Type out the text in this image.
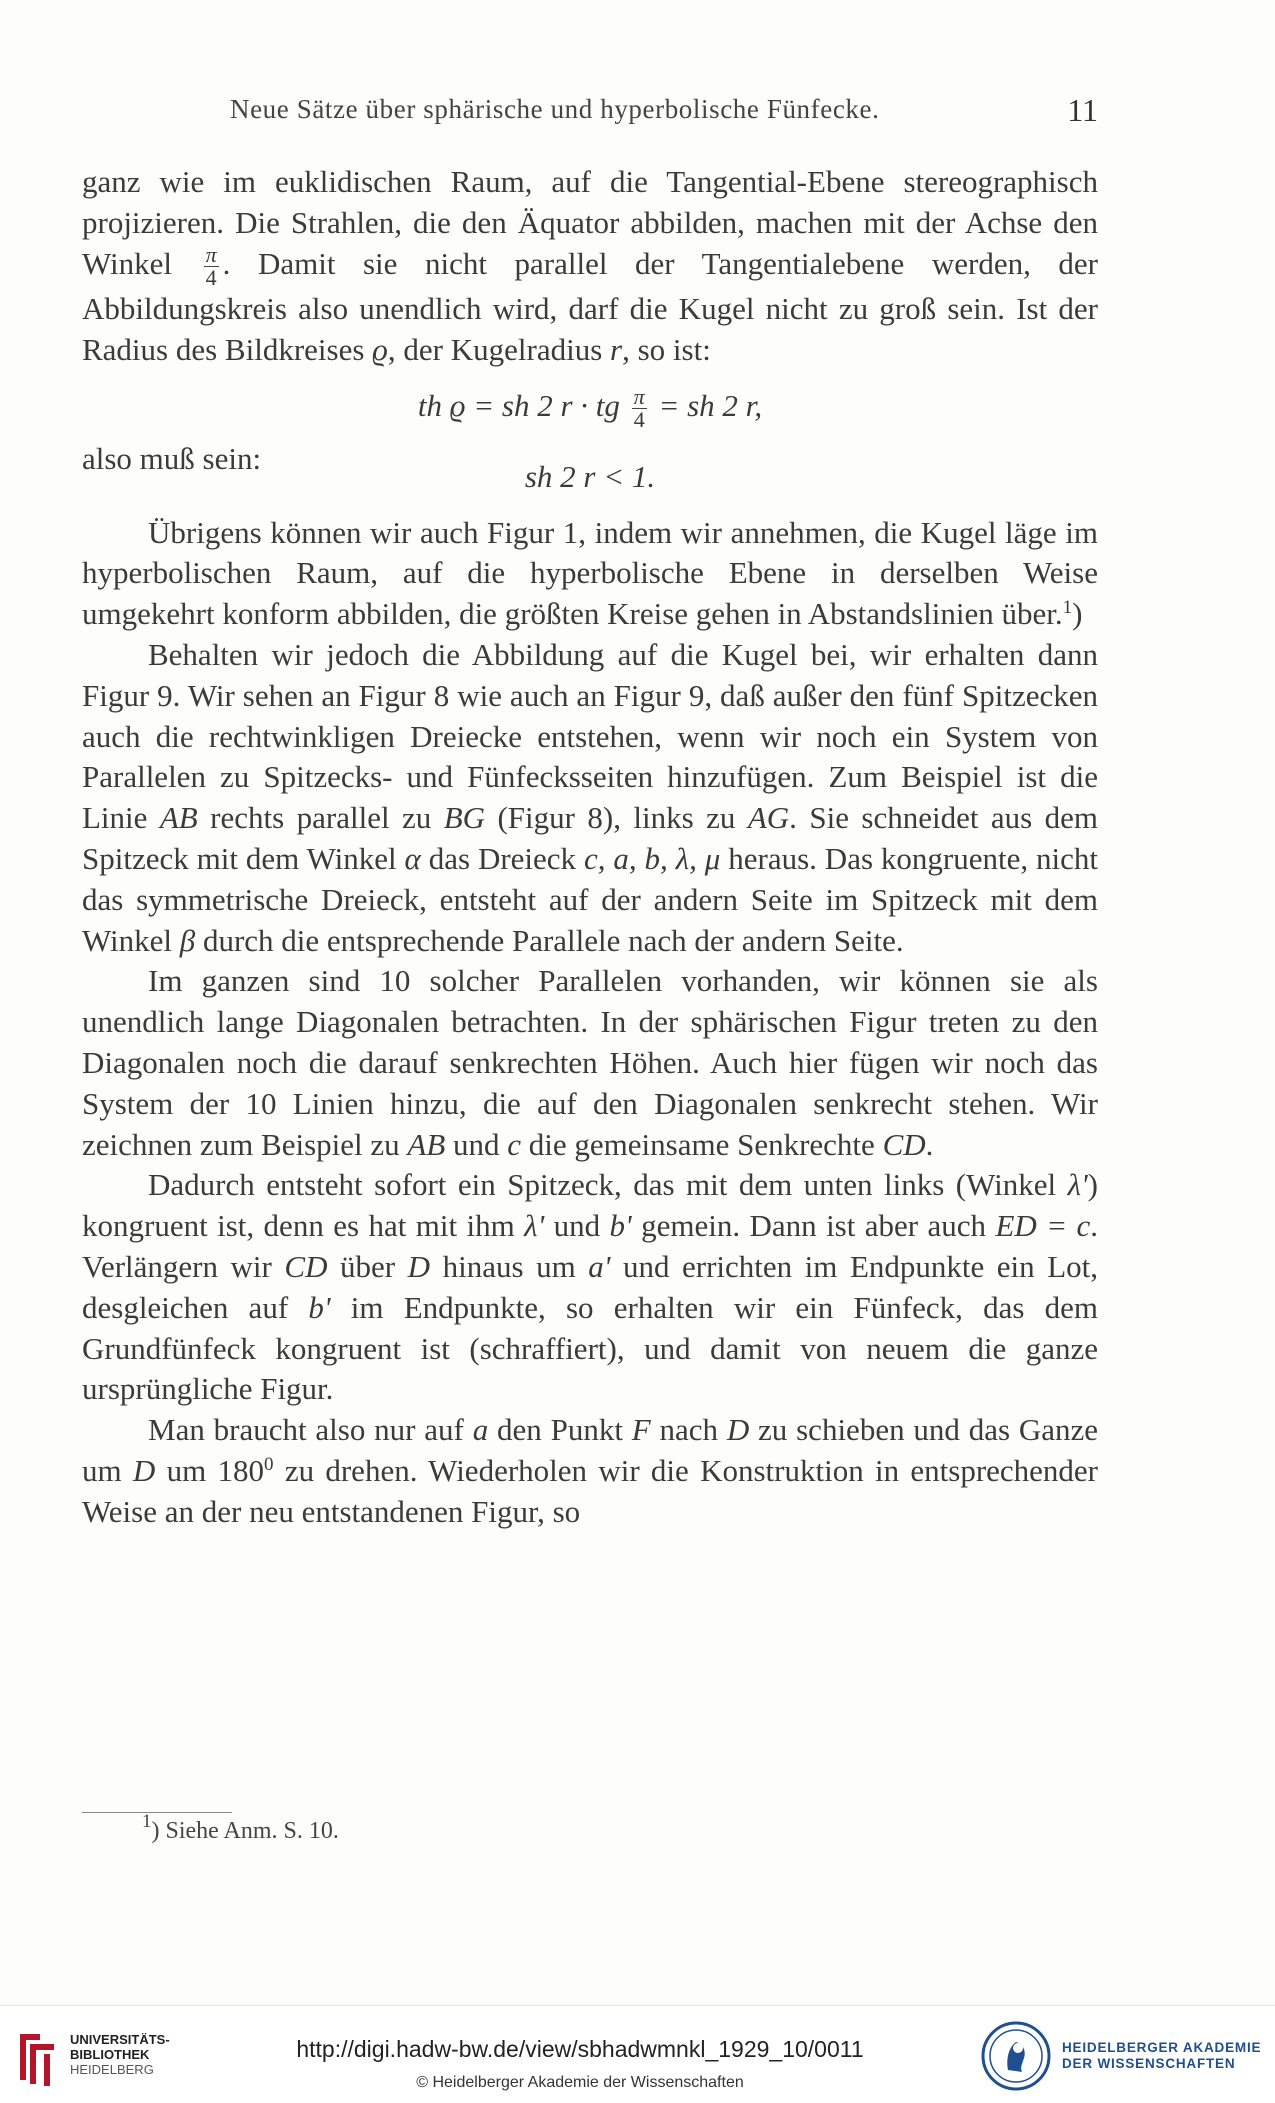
Neue Sätze über sphärische und hyperbolische Fünfecke.	11

ganz wie im euklidischen Raum, auf die Tangential-Ebene stereographisch projizieren. Die Strahlen, die den Äquator abbilden, machen mit der Achse den Winkel $\frac{\pi}{4}$ . Damit sie nicht parallel der Tangentialebene werden, der Abbildungskreis also unendlich wird, darf die Kugel nicht zu groß sein. Ist der Radius des Bildkreises ϱ, der Kugelradius r, so ist:

th ϱ = sh 2 r · tg $\frac{\pi}{4}$ = sh 2 r,
also muß sein:
sh 2 r < 1.

Übrigens können wir auch Figur 1, indem wir annehmen, die Kugel läge im hyperbolischen Raum, auf die hyperbolische Ebene in derselben Weise umgekehrt konform abbilden, die größten Kreise gehen in Abstandslinien über.$^1$)

Behalten wir jedoch die Abbildung auf die Kugel bei, wir erhalten dann Figur 9. Wir sehen an Figur 8 wie auch an Figur 9, daß außer den fünf Spitzecken auch die rechtwinkligen Dreiecke entstehen, wenn wir noch ein System von Parallelen zu Spitzecks- und Fünfecksseiten hinzufügen. Zum Beispiel ist die Linie AB rechts parallel zu BG (Figur 8), links zu AG. Sie schneidet aus dem Spitzeck mit dem Winkel α das Dreieck c, a, b, λ, μ heraus. Das kongruente, nicht das symmetrische Dreieck, entsteht auf der andern Seite im Spitzeck mit dem Winkel β durch die entsprechende Parallele nach der andern Seite.

Im ganzen sind 10 solcher Parallelen vorhanden, wir können sie als unendlich lange Diagonalen betrachten. In der sphärischen Figur treten zu den Diagonalen noch die darauf senkrechten Höhen. Auch hier fügen wir noch das System der 10 Linien hinzu, die auf den Diagonalen senkrecht stehen. Wir zeichnen zum Beispiel zu AB und c die gemeinsame Senkrechte CD.

Dadurch entsteht sofort ein Spitzeck, das mit dem unten links (Winkel λ') kongruent ist, denn es hat mit ihm λ' und b' gemein. Dann ist aber auch ED = c. Verlängern wir CD über D hinaus um a' und errichten im Endpunkte ein Lot, desgleichen auf b' im Endpunkte, so erhalten wir ein Fünfeck, das dem Grundfünfeck kongruent ist (schraffiert), und damit von neuem die ganze ursprüngliche Figur.

Man braucht also nur auf a den Punkt F nach D zu schieben und das Ganze um D um $180^0$ zu drehen. Wiederholen wir die Konstruktion in entsprechender Weise an der neu entstandenen Figur, so

$^1$) Siehe Anm. S. 10.
UNIVERSITÄTS-
BIBLIOTHEK
HEIDELBERG
http://digi.hadw-bw.de/view/sbhadwmnkl_1929_10/0011
© Heidelberger Akademie der Wissenschaften
HEIDELBERGER AKADEMIE
DER WISSENSCHAFTEN
